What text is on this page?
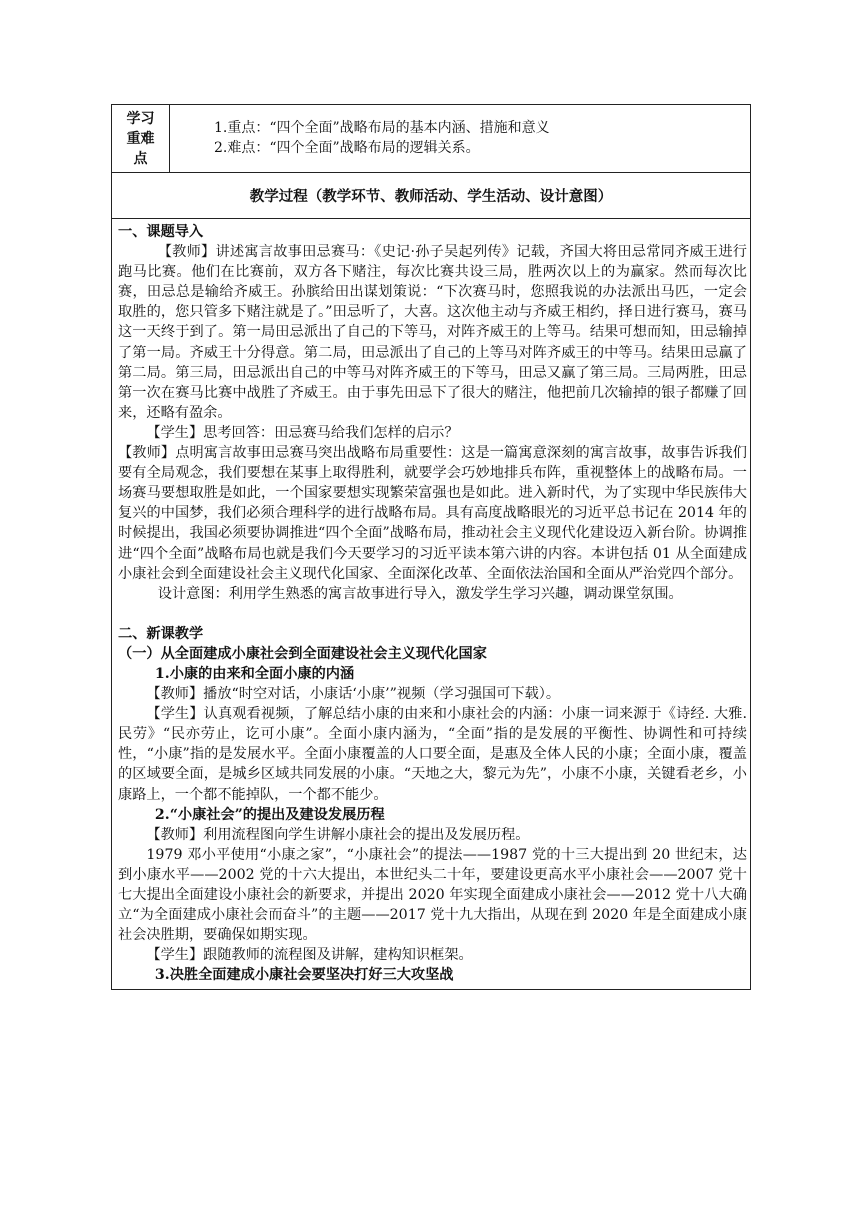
学习
重难
点
1.重点：“四个全面”战略布局的基本内涵、措施和意义
2.难点：“四个全面”战略布局的逻辑关系。
教学过程（教学环节、教师活动、学生活动、设计意图）

一、课题导入

【教师】讲述寓言故事田忌赛马：《史记·孙子吴起列传》记载，齐国大将田忌常同齐威王进行跑马比赛。他们在比赛前，双方各下赌注，每次比赛共设三局，胜两次以上的为赢家。然而每次比赛，田忌总是输给齐威王。孙膑给田出谋划策说：“下次赛马时，您照我说的办法派出马匹，一定会取胜的，您只管多下赌注就是了。”田忌听了，大喜。这次他主动与齐威王相约，择日进行赛马，赛马这一天终于到了。第一局田忌派出了自己的下等马，对阵齐威王的上等马。结果可想而知，田忌输掉了第一局。齐威王十分得意。第二局，田忌派出了自己的上等马对阵齐威王的中等马。结果田忌赢了第二局。第三局，田忌派出自己的中等马对阵齐威王的下等马，田忌又赢了第三局。三局两胜，田忌第一次在赛马比赛中战胜了齐威王。由于事先田忌下了很大的赌注，他把前几次输掉的银子都赚了回来，还略有盈余。

【学生】思考回答：田忌赛马给我们怎样的启示？

【教师】点明寓言故事田忌赛马突出战略布局重要性：这是一篇寓意深刻的寓言故事，故事告诉我们要有全局观念，我们要想在某事上取得胜利，就要学会巧妙地排兵布阵，重视整体上的战略布局。一场赛马要想取胜是如此，一个国家要想实现繁荣富强也是如此。进入新时代，为了实现中华民族伟大复兴的中国梦，我们必须合理科学的进行战略布局。具有高度战略眼光的习近平总书记在 2014 年的时候提出，我国必须要协调推进“四个全面”战略布局，推动社会主义现代化建设迈入新台阶。协调推进“四个全面”战略布局也就是我们今天要学习的习近平读本第六讲的内容。本讲包括 01 从全面建成小康社会到全面建设社会主义现代化国家、全面深化改革、全面依法治国和全面从严治党四个部分。

设计意图：利用学生熟悉的寓言故事进行导入，激发学生学习兴趣，调动课堂氛围。

二、新课教学

（一）从全面建成小康社会到全面建设社会主义现代化国家

1.小康的由来和全面小康的内涵

【教师】播放“时空对话，小康话‘小康’”视频（学习强国可下载）。

【学生】认真观看视频，了解总结小康的由来和小康社会的内涵：小康一词来源于《诗经. 大雅. 民劳》“民亦劳止，讫可小康”。全面小康内涵为，“全面”指的是发展的平衡性、协调性和可持续性，“小康”指的是发展水平。全面小康覆盖的人口要全面，是惠及全体人民的小康；全面小康，覆盖的区域要全面，是城乡区域共同发展的小康。“天地之大，黎元为先”，小康不小康，关键看老乡，小康路上，一个都不能掉队，一个都不能少。

2.“小康社会”的提出及建设发展历程

【教师】利用流程图向学生讲解小康社会的提出及发展历程。

1979 邓小平使用“小康之家”，“小康社会”的提法——1987 党的十三大提出到 20 世纪末，达到小康水平——2002 党的十六大提出，本世纪头二十年，要建设更高水平小康社会——2007 党十七大提出全面建设小康社会的新要求，并提出 2020 年实现全面建成小康社会——2012 党十八大确立“为全面建成小康社会而奋斗”的主题——2017 党十九大指出，从现在到 2020 年是全面建成小康社会决胜期，要确保如期实现。

【学生】跟随教师的流程图及讲解，建构知识框架。

3.决胜全面建成小康社会要坚决打好三大攻坚战
